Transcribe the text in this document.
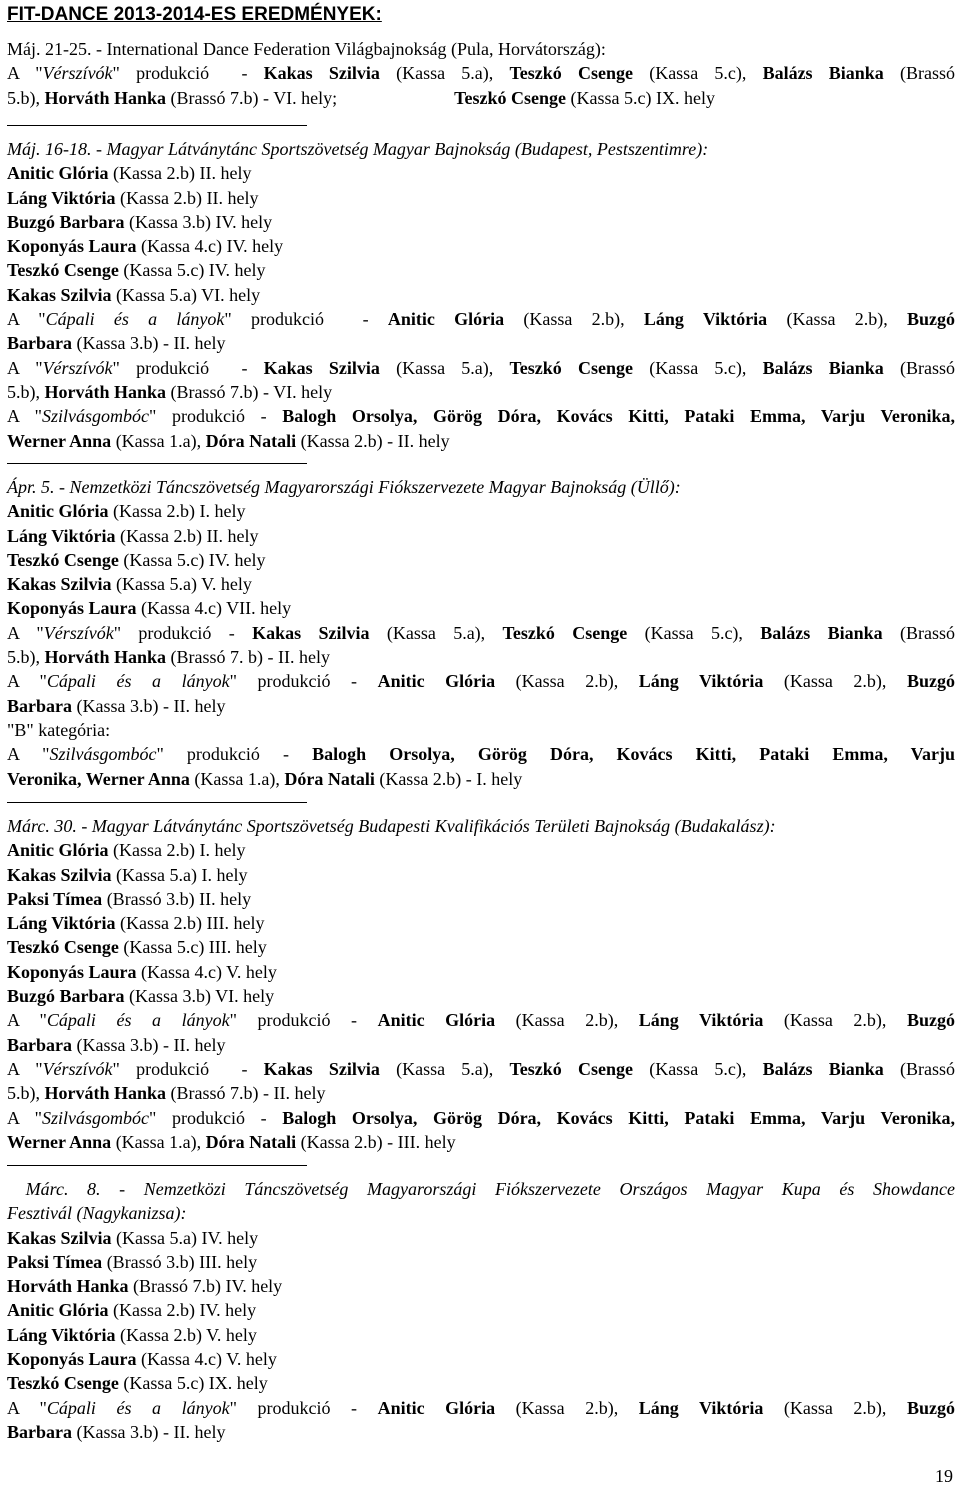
FIT-DANCE 2013-2014-ES EREDMÉNYEK:
Máj. 21-25. - International Dance Federation Világbajnokság (Pula, Horvátország):
A "Vérszívók" produkció  - Kakas Szilvia (Kassa 5.a), Teszkó Csenge (Kassa 5.c), Balázs Bianka (Brassó
5.b), Horváth Hanka (Brassó 7.b) - VI. hely;                          Teszkó Csenge (Kassa 5.c) IX. hely
Máj. 16-18. - Magyar Látványtánc Sportszövetség Magyar Bajnokság (Budapest, Pestszentimre):
Anitic Glória (Kassa 2.b) II. hely
Láng Viktória (Kassa 2.b) II. hely
Buzgó Barbara (Kassa 3.b) IV. hely
Koponyás Laura (Kassa 4.c) IV. hely
Teszkó Csenge (Kassa 5.c) IV. hely
Kakas Szilvia (Kassa 5.a) VI. hely
A "Cápali és a lányok" produkció  - Anitic Glória (Kassa 2.b), Láng Viktória (Kassa 2.b), Buzgó
Barbara (Kassa 3.b) - II. hely
A "Vérszívók" produkció  - Kakas Szilvia (Kassa 5.a), Teszkó Csenge (Kassa 5.c), Balázs Bianka (Brassó
5.b), Horváth Hanka (Brassó 7.b) - VI. hely
A "Szilvásgombóc" produkció - Balogh Orsolya, Görög Dóra, Kovács Kitti, Pataki Emma, Varju Veronika,
Werner Anna (Kassa 1.a), Dóra Natali (Kassa 2.b) - II. hely
Ápr. 5. - Nemzetközi Táncszövetség Magyarországi Fiókszervezete Magyar Bajnokság (Üllő):
Anitic Glória (Kassa 2.b) I. hely
Láng Viktória (Kassa 2.b) II. hely
Teszkó Csenge (Kassa 5.c) IV. hely
Kakas Szilvia (Kassa 5.a) V. hely
Koponyás Laura (Kassa 4.c) VII. hely
A "Vérszívók" produkció - Kakas Szilvia (Kassa 5.a), Teszkó Csenge (Kassa 5.c), Balázs Bianka (Brassó
5.b), Horváth Hanka (Brassó 7. b) - II. hely
A "Cápali és a lányok" produkció - Anitic Glória (Kassa 2.b), Láng Viktória (Kassa 2.b), Buzgó
Barbara (Kassa 3.b) - II. hely
"B" kategória:
A "Szilvásgombóc" produkció - Balogh Orsolya, Görög Dóra, Kovács Kitti, Pataki Emma, Varju
Veronika, Werner Anna (Kassa 1.a), Dóra Natali (Kassa 2.b) - I. hely
Márc. 30. - Magyar Látványtánc Sportszövetség Budapesti Kvalifikációs Területi Bajnokság (Budakalász):
Anitic Glória (Kassa 2.b) I. hely
Kakas Szilvia (Kassa 5.a) I. hely
Paksi Tímea (Brassó 3.b) II. hely
Láng Viktória (Kassa 2.b) III. hely
Teszkó Csenge (Kassa 5.c) III. hely
Koponyás Laura (Kassa 4.c) V. hely
Buzgó Barbara (Kassa 3.b) VI. hely
A "Cápali és a lányok" produkció - Anitic Glória (Kassa 2.b), Láng Viktória (Kassa 2.b), Buzgó
Barbara (Kassa 3.b) - II. hely
A "Vérszívók" produkció  - Kakas Szilvia (Kassa 5.a), Teszkó Csenge (Kassa 5.c), Balázs Bianka (Brassó
5.b), Horváth Hanka (Brassó 7.b) - II. hely
A "Szilvásgombóc" produkció - Balogh Orsolya, Görög Dóra, Kovács Kitti, Pataki Emma, Varju Veronika,
Werner Anna (Kassa 1.a), Dóra Natali (Kassa 2.b) - III. hely
Márc. 8. - Nemzetközi Táncszövetség Magyarországi Fiókszervezete Országos Magyar Kupa és Showdance
Fesztivál (Nagykanizsa):
Kakas Szilvia (Kassa 5.a) IV. hely
Paksi Tímea (Brassó 3.b) III. hely
Horváth Hanka (Brassó 7.b) IV. hely
Anitic Glória (Kassa 2.b) IV. hely
Láng Viktória (Kassa 2.b) V. hely
Koponyás Laura (Kassa 4.c) V. hely
Teszkó Csenge (Kassa 5.c) IX. hely
A "Cápali és a lányok" produkció - Anitic Glória (Kassa 2.b), Láng Viktória (Kassa 2.b), Buzgó
Barbara (Kassa 3.b) - II. hely
19
